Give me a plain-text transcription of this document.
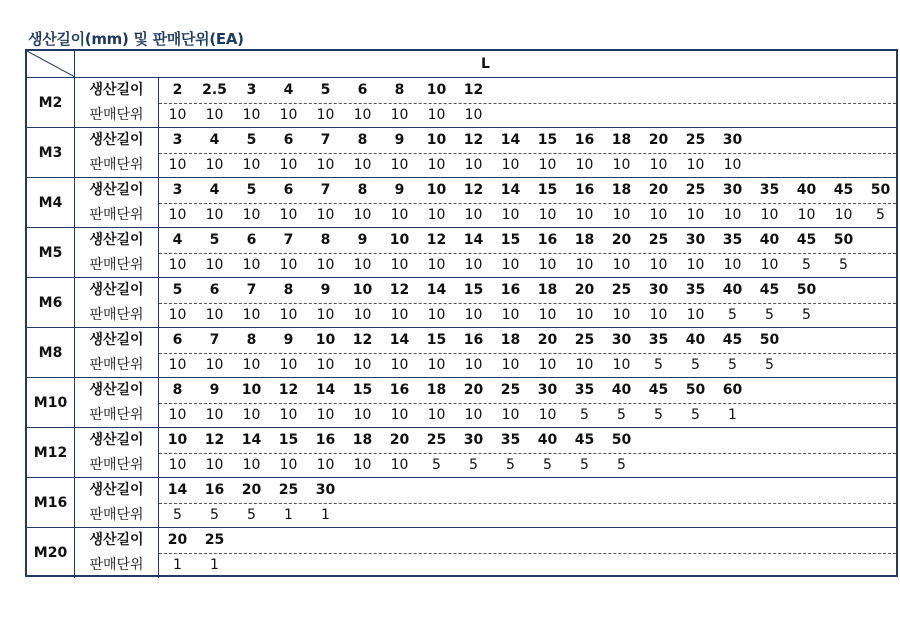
생산길이(mm) 및 판매단위(EA)
L
M2
생산길이	2	2.5	3	4	5	6	8	10	12
판매단위	10	10	10	10	10	10	10	10	10
M3
생산길이	3	4	5	6	7	8	9	10	12	14	15	16	18	20	25	30
판매단위	10	10	10	10	10	10	10	10	10	10	10	10	10	10	10	10
M4
생산길이	3	4	5	6	7	8	9	10	12	14	15	16	18	20	25	30	35	40	45	50
판매단위	10	10	10	10	10	10	10	10	10	10	10	10	10	10	10	10	10	10	10	5
M5
생산길이	4	5	6	7	8	9	10	12	14	15	16	18	20	25	30	35	40	45	50
판매단위	10	10	10	10	10	10	10	10	10	10	10	10	10	10	10	10	10	5	5
M6
생산길이	5	6	7	8	9	10	12	14	15	16	18	20	25	30	35	40	45	50
판매단위	10	10	10	10	10	10	10	10	10	10	10	10	10	10	10	5	5	5
M8
생산길이	6	7	8	9	10	12	14	15	16	18	20	25	30	35	40	45	50
판매단위	10	10	10	10	10	10	10	10	10	10	10	10	10	5	5	5	5
M10
생산길이	8	9	10	12	14	15	16	18	20	25	30	35	40	45	50	60
판매단위	10	10	10	10	10	10	10	10	10	10	10	5	5	5	5	1
M12
생산길이	10	12	14	15	16	18	20	25	30	35	40	45	50
판매단위	10	10	10	10	10	10	10	5	5	5	5	5	5
M16
생산길이	14	16	20	25	30
판매단위	5	5	5	1	1
M20
생산길이	20	25
판매단위	1	1
